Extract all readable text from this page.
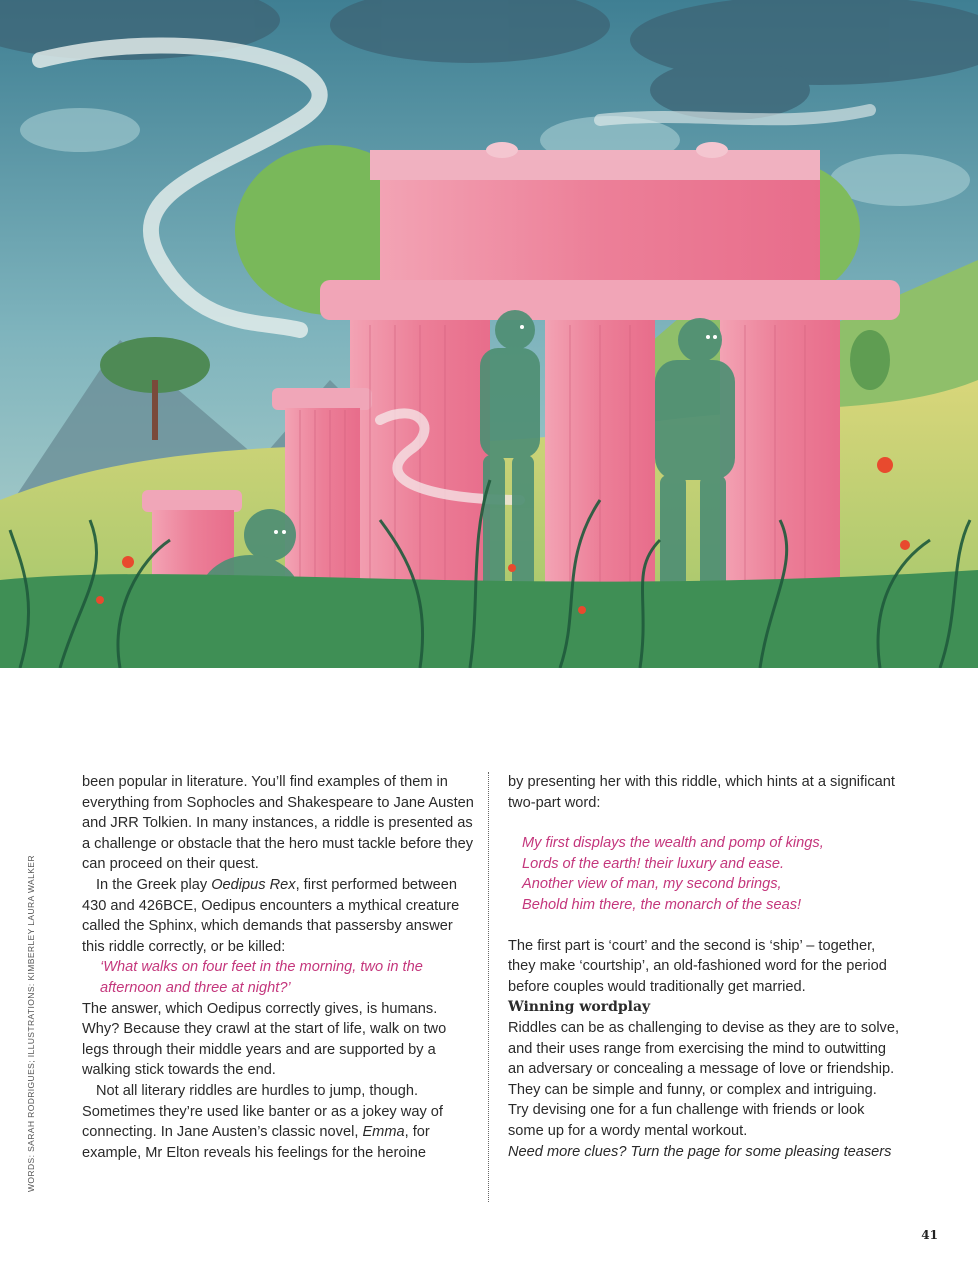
WORDS: SARAH RODRIGUES; ILLUSTRATIONS: KIMBERLEY LAURA WALKER

been popular in literature. You’ll find examples of them in everything from Sophocles and Shakespeare to Jane Austen and JRR Tolkien. In many instances, a riddle is presented as a challenge or obstacle that the hero must tackle before they can proceed on their quest.

In the Greek play Oedipus Rex, first performed between 430 and 426BCE, Oedipus encounters a mythical creature called the Sphinx, which demands that passersby answer this riddle correctly, or be killed:

‘What walks on four feet in the morning, two in the afternoon and three at night?’

The answer, which Oedipus correctly gives, is humans. Why? Because they crawl at the start of life, walk on two legs through their middle years and are supported by a walking stick towards the end.

Not all literary riddles are hurdles to jump, though. Sometimes they’re used like banter or as a jokey way of connecting. In Jane Austen’s classic novel, Emma, for example, Mr Elton reveals his feelings for the heroine

by presenting her with this riddle, which hints at a significant two-part word:

My first displays the wealth and pomp of kings,
Lords of the earth! their luxury and ease.
Another view of man, my second brings,
Behold him there, the monarch of the seas!

The first part is ‘court’ and the second is ‘ship’ – together, they make ‘courtship’, an old-fashioned word for the period before couples would traditionally get married.

Winning wordplay

Riddles can be as challenging to devise as they are to solve, and their uses range from exercising the mind to outwitting an adversary or concealing a message of love or friendship. They can be simple and funny, or complex and intriguing. Try devising one for a fun challenge with friends or look some up for a wordy mental workout.

Need more clues? Turn the page for some pleasing teasers

41
